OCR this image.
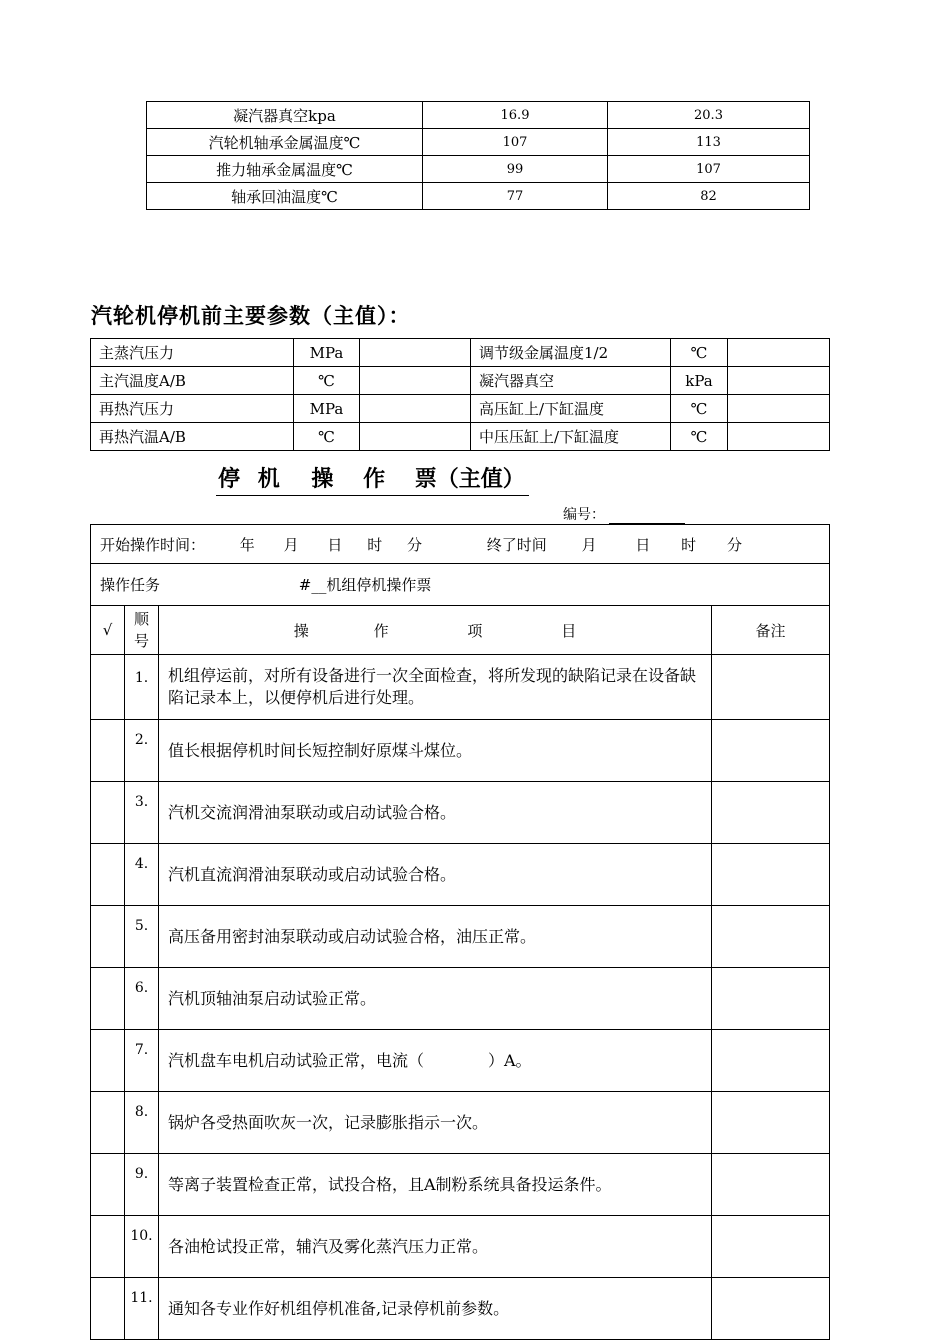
凝汽器真空kpa	16.9	20.3
汽轮机轴承金属温度℃	107	113
推力轴承金属温度℃	99	107
轴承回油温度℃	77	82
汽轮机停机前主要参数（主值）：
主蒸汽压力	MPa		调节级金属温度1/2	℃	
主汽温度A/B	℃		凝汽器真空	kPa	
再热汽压力	MPa		高压缸上/下缸温度	℃	
再热汽温A/B	℃		中压压缸上/下缸温度	℃	
停 机 操 作 票（主值）
编号：
开始操作时间： 年 月 日 时 分 终了时间 月 日 时 分			
操作任务 #__机组停机操作票			
√	顺号	操 作 项 目	备注
	1.	机组停运前，对所有设备进行一次全面检查，将所发现的缺陷记录在设备缺陷记录本上，以便停机后进行处理。	
	2.	值长根据停机时间长短控制好原煤斗煤位。	
	3.	汽机交流润滑油泵联动或启动试验合格。	
	4.	汽机直流润滑油泵联动或启动试验合格。	
	5.	高压备用密封油泵联动或启动试验合格，油压正常。	
	6.	汽机顶轴油泵启动试验正常。	
	7.	汽机盘车电机启动试验正常，电流（　　　　）A。	
	8.	锅炉各受热面吹灰一次，记录膨胀指示一次。	
	9.	等离子装置检查正常，试投合格，且A制粉系统具备投运条件。	
	10.	各油枪试投正常，辅汽及雾化蒸汽压力正常。	
	11.	通知各专业作好机组停机准备,记录停机前参数。	
